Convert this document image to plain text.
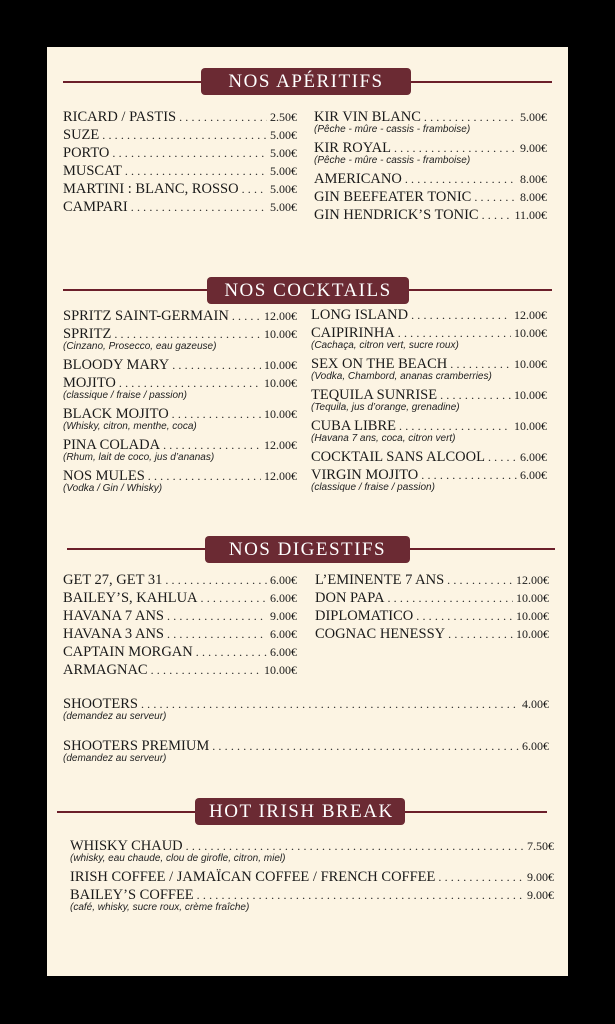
NOS APÉRITIFS
RICARD / PASTIS .....	2.50€
SUZE .....	5.00€
PORTO .....	5.00€
MUSCAT .....	5.00€
MARTINI : BLANC, ROSSO .....	5.00€
CAMPARI .....	5.00€
KIR VIN BLANC .....	5.00€
(Pêche - mûre - cassis - framboise)
KIR ROYAL .....	9.00€
(Pêche - mûre - cassis - framboise)
AMERICANO .....	8.00€
GIN BEEFEATER TONIC .....	8.00€
GIN HENDRICK’S TONIC .....	11.00€
NOS COCKTAILS
SPRITZ SAINT-GERMAIN .....	12.00€
SPRITZ .....	10.00€
(Cinzano, Prosecco, eau gazeuse)
BLOODY MARY .....	10.00€
MOJITO .....	10.00€
(classique / fraise / passion)
BLACK MOJITO .....	10.00€
(Whisky, citron, menthe, coca)
PINA COLADA .....	12.00€
(Rhum, lait de coco, jus d’ananas)
NOS MULES .....	12.00€
(Vodka / Gin / Whisky)
LONG ISLAND .....	12.00€
CAIPIRINHA .....	10.00€
(Cachaça, citron vert, sucre roux)
SEX ON THE BEACH .....	10.00€
(Vodka, Chambord, ananas cramberries)
TEQUILA SUNRISE .....	10.00€
(Tequila, jus d’orange, grenadine)
CUBA LIBRE .....	10.00€
(Havana 7 ans, coca, citron vert)
COCKTAIL SANS ALCOOL .....	6.00€
VIRGIN MOJITO .....	6.00€
(classique / fraise / passion)
NOS DIGESTIFS
GET 27, GET 31 .....	6.00€
BAILEY’S, KAHLUA .....	6.00€
HAVANA 7 ANS .....	9.00€
HAVANA 3 ANS .....	6.00€
CAPTAIN MORGAN .....	6.00€
ARMAGNAC .....	10.00€
L’EMINENTE 7 ANS .....	12.00€
DON PAPA .....	10.00€
DIPLOMATICO .....	10.00€
COGNAC HENESSY .....	10.00€
SHOOTERS .....	4.00€
(demandez au serveur)
SHOOTERS PREMIUM .....	6.00€
(demandez au serveur)
HOT IRISH BREAK
WHISKY CHAUD .....	7.50€
(whisky, eau chaude, clou de girofle, citron, miel)
IRISH COFFEE / JAMAÏCAN COFFEE / FRENCH COFFEE .....	9.00€
BAILEY’S COFFEE .....	9.00€
(café, whisky, sucre roux, crème fraîche)
